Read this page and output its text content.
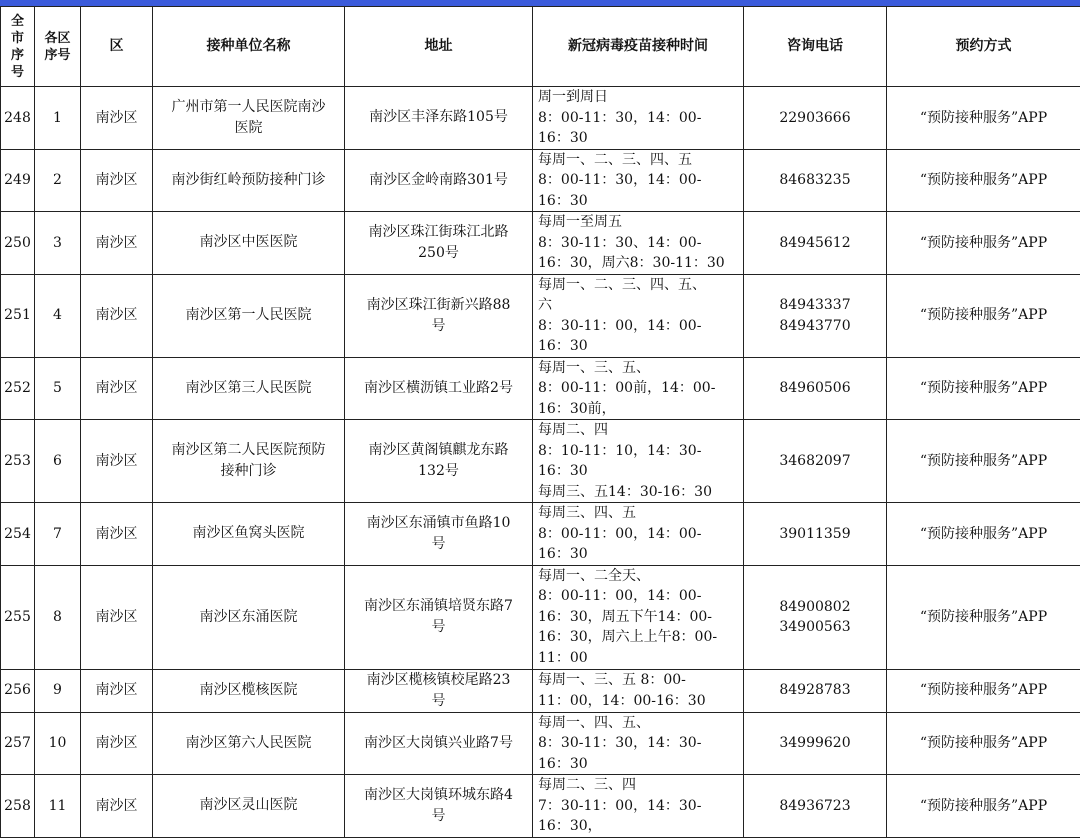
全
市
序
号	各区
序号	区	接种单位名称	地址	新冠病毒疫苗接种时间	咨询电话	预约方式
248	1	南沙区	广州市第一人民医院南沙
医院	南沙区丰泽东路105号	周一到周日
8：00-11：30，14：00-
16：30	22903666	“预防接种服务”APP
249	2	南沙区	南沙街红岭预防接种门诊	南沙区金岭南路301号	每周一、二、三、四、五
8：00-11：30，14：00-
16：30	84683235	“预防接种服务”APP
250	3	南沙区	南沙区中医医院	南沙区珠江街珠江北路
250号	每周一至周五
8：30-11：30、14：00-
16：30，周六8：30-11：30	84945612	“预防接种服务”APP
251	4	南沙区	南沙区第一人民医院	南沙区珠江街新兴路88
号	每周一、二、三、四、五、
六
8：30-11：00，14：00-
16：30	84943337
84943770	“预防接种服务”APP
252	5	南沙区	南沙区第三人民医院	南沙区横沥镇工业路2号	每周一、三、五、
8：00-11：00前，14：00-
16：30前，	84960506	“预防接种服务”APP
253	6	南沙区	南沙区第二人民医院预防
接种门诊	南沙区黄阁镇麒龙东路
132号	每周二、四
8：10-11：10，14：30-
16：30
每周三、五14：30-16：30	34682097	“预防接种服务”APP
254	7	南沙区	南沙区鱼窝头医院	南沙区东涌镇市鱼路10
号	每周三、四、五
8：00-11：00，14：00-
16：30	39011359	“预防接种服务”APP
255	8	南沙区	南沙区东涌医院	南沙区东涌镇培贤东路7
号	每周一、二全天、
8：00-11：00，14：00-
16：30，周五下午14：00-
16：30，周六上上午8：00-
11：00	84900802
34900563	“预防接种服务”APP
256	9	南沙区	南沙区榄核医院	南沙区榄核镇校尾路23
号	每周一、三、五 8：00-
11：00，14：00-16：30	84928783	“预防接种服务”APP
257	10	南沙区	南沙区第六人民医院	南沙区大岗镇兴业路7号	每周一、四、五、
8：30-11：30，14：30-
16：30	34999620	“预防接种服务”APP
258	11	南沙区	南沙区灵山医院	南沙区大岗镇环城东路4
号	每周二、三、四
7：30-11：00，14：30-
16：30，	84936723	“预防接种服务”APP
